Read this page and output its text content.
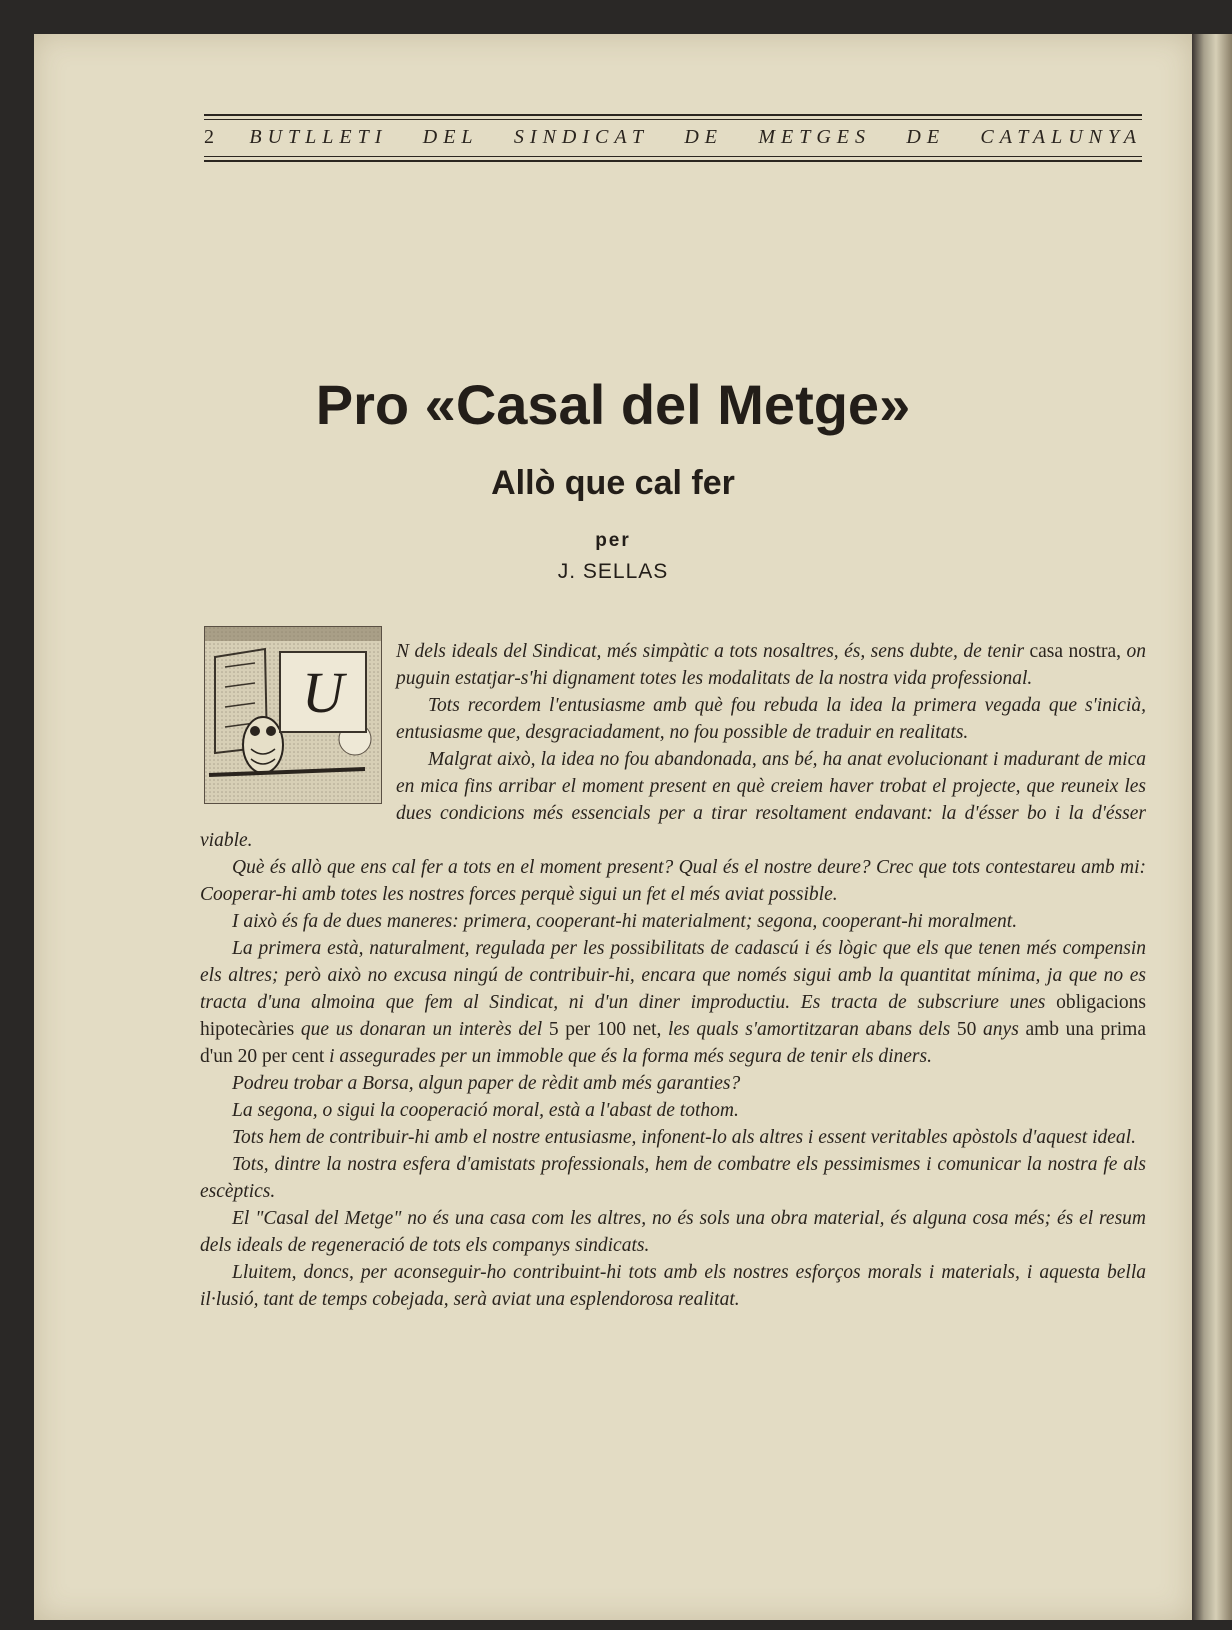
2 BUTLLETI DEL SINDICAT DE METGES DE CATALUNYA
Pro «Casal del Metge»
Allò que cal fer
per
J. SELLAS
U

N dels ideals del Sindicat, més simpàtic a tots nosaltres, és, sens dubte, de tenir casa nostra, on puguin estatjar-s'hi dignament totes les modalitats de la nostra vida professional.

Tots recordem l'entusiasme amb què fou rebuda la idea la primera vegada que s'inicià, entusiasme que, desgraciadament, no fou possible de traduir en realitats.

Malgrat això, la idea no fou abandonada, ans bé, ha anat evolucionant i madurant de mica en mica fins arribar el moment present en què creiem haver trobat el projecte, que reuneix les dues condicions més essencials per a tirar resoltament endavant: la d'ésser bo i la d'ésser viable.

Què és allò que ens cal fer a tots en el moment present? Qual és el nostre deure? Crec que tots contestareu amb mi: Cooperar-hi amb totes les nostres forces perquè sigui un fet el més aviat possible.

I això és fa de dues maneres: primera, cooperant-hi materialment; segona, cooperant-hi moralment.

La primera està, naturalment, regulada per les possibilitats de cadascú i és lògic que els que tenen més compensin els altres; però això no excusa ningú de contribuir-hi, encara que només sigui amb la quantitat mínima, ja que no es tracta d'una almoina que fem al Sindicat, ni d'un diner improductiu. Es tracta de subscriure unes obligacions hipotecàries que us donaran un interès del 5 per 100 net, les quals s'amortitzaran abans dels 50 anys amb una prima d'un 20 per cent i assegurades per un immoble que és la forma més segura de tenir els diners.

Podreu trobar a Borsa, algun paper de rèdit amb més garanties?

La segona, o sigui la cooperació moral, està a l'abast de tothom.

Tots hem de contribuir-hi amb el nostre entusiasme, infonent-lo als altres i essent veritables apòstols d'aquest ideal.

Tots, dintre la nostra esfera d'amistats professionals, hem de combatre els pessimismes i comunicar la nostra fe als escèptics.

El "Casal del Metge" no és una casa com les altres, no és sols una obra material, és alguna cosa més; és el resum dels ideals de regeneració de tots els companys sindicats.

Lluitem, doncs, per aconseguir-ho contribuint-hi tots amb els nostres esforços morals i materials, i aquesta bella il·lusió, tant de temps cobejada, serà aviat una esplendorosa realitat.
